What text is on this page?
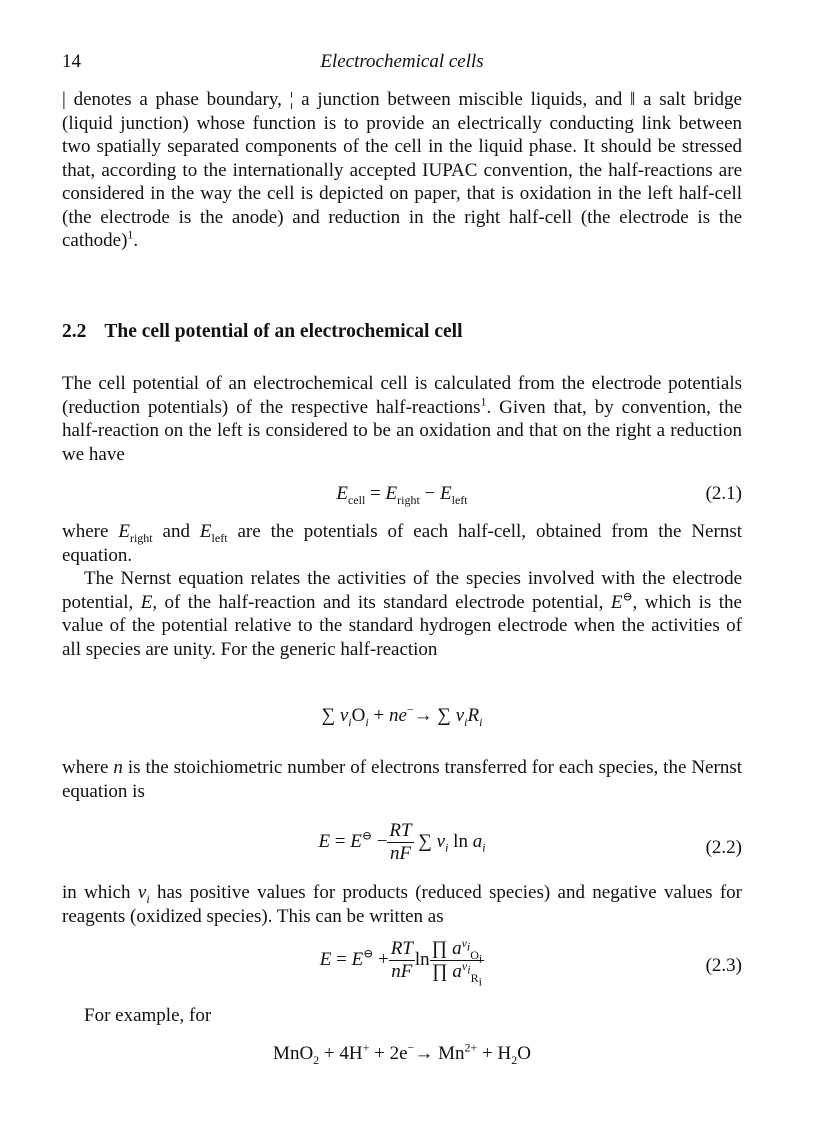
14	Electrochemical cells

| denotes a phase boundary, ¦ a junction between miscible liquids, and ‖ a salt bridge (liquid junction) whose function is to provide an electrically conducting link between two spatially separated components of the cell in the liquid phase. It should be stressed that, according to the internationally accepted IUPAC convention, the half-reactions are considered in the way the cell is depicted on paper, that is oxidation in the left half-cell (the electrode is the anode) and reduction in the right half-cell (the electrode is the cathode)$^1$.

2.2 The cell potential of an electrochemical cell

The cell potential of an electrochemical cell is calculated from the electrode potentials (reduction potentials) of the respective half-reactions$^1$. Given that, by convention, the half-reaction on the left is considered to be an oxidation and that on the right a reduction we have

$E_{cell} = E_{right} - E_{left}$	(2.1)

where $E_{right}$ and $E_{left}$ are the potentials of each half-cell, obtained from the Nernst equation.

The Nernst equation relates the activities of the species involved with the electrode potential, E, of the half-reaction and its standard electrode potential, E⊖, which is the value of the potential relative to the standard hydrogen electrode when the activities of all species are unity. For the generic half-reaction

∑ $\nu_iO_i + ne^-\to$ ∑ $\nu_iR_i$

where n is the stoichiometric number of electrons transferred for each species, the Nernst equation is

$E = E^⊖ - \frac{RT}{nF}$ ∑ $\nu_i$ $\ln a_i$	(2.2)

in which $\nu_i$ has positive values for products (reduced species) and negative values for reagents (oxidized species). This can be written as

$E = E^⊖ + \frac{RT}{nF}$ $\ln \frac{\prod a^{\nu_i}_{O_i}}{\prod a^{\nu_i}_{R_i}}$	(2.3)
For example, for
$MnO_2 + 4H^+ + 2e^-\to Mn^{2+} + H_2O$
